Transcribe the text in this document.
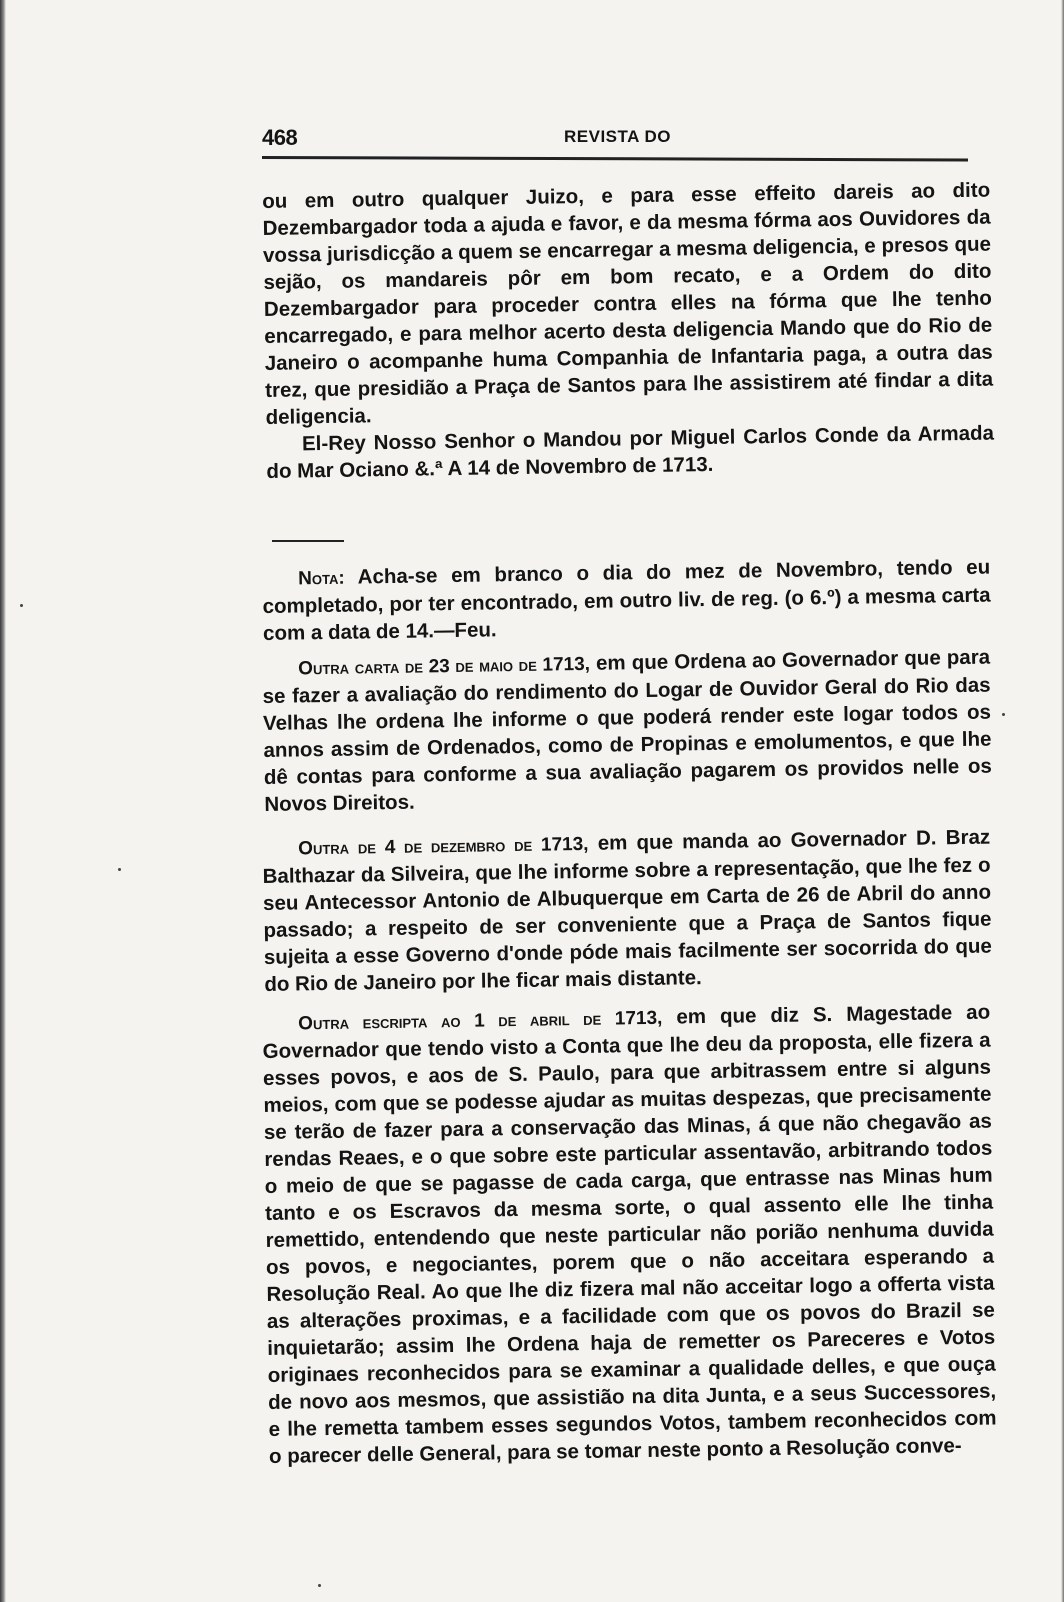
468	REVISTA DO

ou em outro qualquer Juizo, e para esse effeito dareis ao dito Dezembargador toda a ajuda e favor, e da mesma fórma aos Ouvidores da vossa jurisdicção a quem se encarregar a mesma deligencia, e presos que sejão, os mandareis pôr em bom recato, e a Ordem do dito Dezembargador para proceder contra elles na fórma que lhe tenho encarregado, e para melhor acerto desta deligencia Mando que do Rio de Janeiro o acompanhe huma Companhia de Infantaria paga, a outra das trez, que presidião a Praça de Santos para lhe assistirem até findar a dita deligencia.

El-Rey Nosso Senhor o Mandou por Miguel Carlos Conde da Armada do Mar Ociano &.ª A 14 de Novembro de 1713.

Nota: Acha-se em branco o dia do mez de Novembro, tendo eu completado, por ter encontrado, em outro liv. de reg. (o 6.º) a mesma carta com a data de 14.—Feu.

Outra carta de 23 de maio de 1713, em que Ordena ao Governador que para se fazer a avaliação do rendimento do Logar de Ouvidor Geral do Rio das Velhas lhe ordena lhe informe o que poderá render este logar todos os annos assim de Ordenados, como de Propinas e emolumentos, e que lhe dê contas para conforme a sua avaliação pagarem os providos nelle os Novos Direitos.

Outra de 4 de dezembro de 1713, em que manda ao Governador D. Braz Balthazar da Silveira, que lhe informe sobre a representação, que lhe fez o seu Antecessor Antonio de Albuquerque em Carta de 26 de Abril do anno passado; a respeito de ser conveniente que a Praça de Santos fique sujeita a esse Governo d'onde póde mais facilmente ser socorrida do que do Rio de Janeiro por lhe ficar mais distante.

Outra escripta ao 1 de abril de 1713, em que diz S. Magestade ao Governador que tendo visto a Conta que lhe deu da proposta, elle fizera a esses povos, e aos de S. Paulo, para que arbitrassem entre si alguns meios, com que se podesse ajudar as muitas despezas, que precisamente se terão de fazer para a conservação das Minas, á que não chegavão as rendas Reaes, e o que sobre este particular assentavão, arbitrando todos o meio de que se pagasse de cada carga, que entrasse nas Minas hum tanto e os Escravos da mesma sorte, o qual assento elle lhe tinha remettido, entendendo que neste particular não porião nenhuma duvida os povos, e negociantes, porem que o não acceitara esperando a Resolução Real. Ao que lhe diz fizera mal não acceitar logo a offerta vista as alterações proximas, e a facilidade com que os povos do Brazil se inquietarão; assim lhe Ordena haja de remetter os Pareceres e Votos originaes reconhecidos para se examinar a qualidade delles, e que ouça de novo aos mesmos, que assistião na dita Junta, e a seus Successores, e lhe remetta tambem esses segundos Votos, tambem reconhecidos com o parecer delle General, para se tomar neste ponto a Resolução conve-
